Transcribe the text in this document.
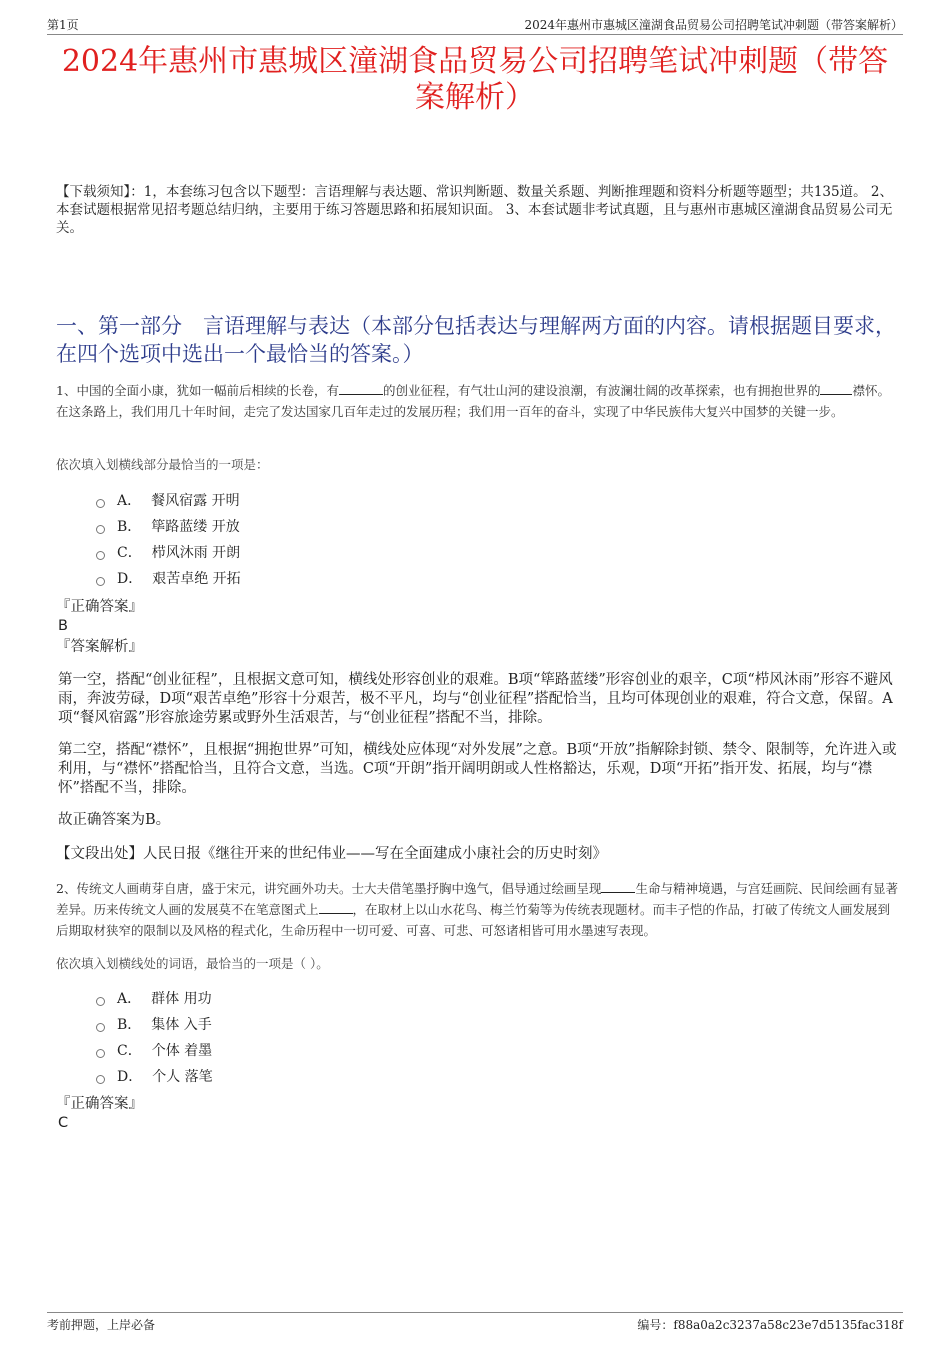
第1页	2024年惠州市惠城区潼湖食品贸易公司招聘笔试冲刺题（带答案解析）
2024年惠州市惠城区潼湖食品贸易公司招聘笔试冲刺题（带答
案解析）
【下载须知】：1，本套练习包含以下题型：言语理解与表达题、常识判断题、数量关系题、判断推理题和资料分析题等题型；共135道。 2、本套试题根据常见招考题总结归纳，主要用于练习答题思路和拓展知识面。 3、本套试题非考试真题，且与惠州市惠城区潼湖食品贸易公司无关。
一、第一部分　言语理解与表达（本部分包括表达与理解两方面的内容。请根据题目要求，在四个选项中选出一个最恰当的答案。）
1、中国的全面小康，犹如一幅前后相续的长卷，有	的创业征程，有气壮山河的建设浪潮，有波澜壮阔的改革探索，也有拥抱世界的	襟怀。在这条路上，我们用几十年时间，走完了发达国家几百年走过的发展历程；我们用一百年的奋斗，实现了中华民族伟大复兴中国梦的关键一步。
依次填入划横线部分最恰当的一项是：
A． 餐风宿露 开明
B． 筚路蓝缕 开放
C． 栉风沐雨 开朗
D． 艰苦卓绝 开拓
『正确答案』
B
『答案解析』
第一空，搭配“创业征程”，且根据文意可知，横线处形容创业的艰难。B项“筚路蓝缕”形容创业的艰辛，C项“栉风沐雨”形容不避风雨，奔波劳碌，D项“艰苦卓绝”形容十分艰苦，极不平凡，均与“创业征程”搭配恰当，且均可体现创业的艰难，符合文意，保留。A项“餐风宿露”形容旅途劳累或野外生活艰苦，与“创业征程”搭配不当，排除。
第二空，搭配“襟怀”，且根据“拥抱世界”可知，横线处应体现“对外发展”之意。B项“开放”指解除封锁、禁令、限制等，允许进入或利用，与“襟怀”搭配恰当，且符合文意，当选。C项“开朗”指开阔明朗或人性格豁达，乐观，D项“开拓”指开发、拓展，均与“襟怀”搭配不当，排除。
故正确答案为B。
【文段出处】人民日报《继往开来的世纪伟业——写在全面建成小康社会的历史时刻》
2、传统文人画萌芽自唐，盛于宋元，讲究画外功夫。士大夫借笔墨抒胸中逸气，倡导通过绘画呈现	生命与精神境遇，与宫廷画院、民间绘画有显著差异。历来传统文人画的发展莫不在笔意图式上	，在取材上以山水花鸟、梅兰竹菊等为传统表现题材。而丰子恺的作品，打破了传统文人画发展到后期取材狭窄的限制以及风格的程式化，生命历程中一切可爱、可喜、可悲、可怒诸相皆可用水墨速写表现。
依次填入划横线处的词语，最恰当的一项是（ ）。
A． 群体 用功
B． 集体 入手
C． 个体 着墨
D． 个人 落笔
『正确答案』
C
考前押题，上岸必备	编号：f88a0a2c3237a58c23e7d5135fac318f
